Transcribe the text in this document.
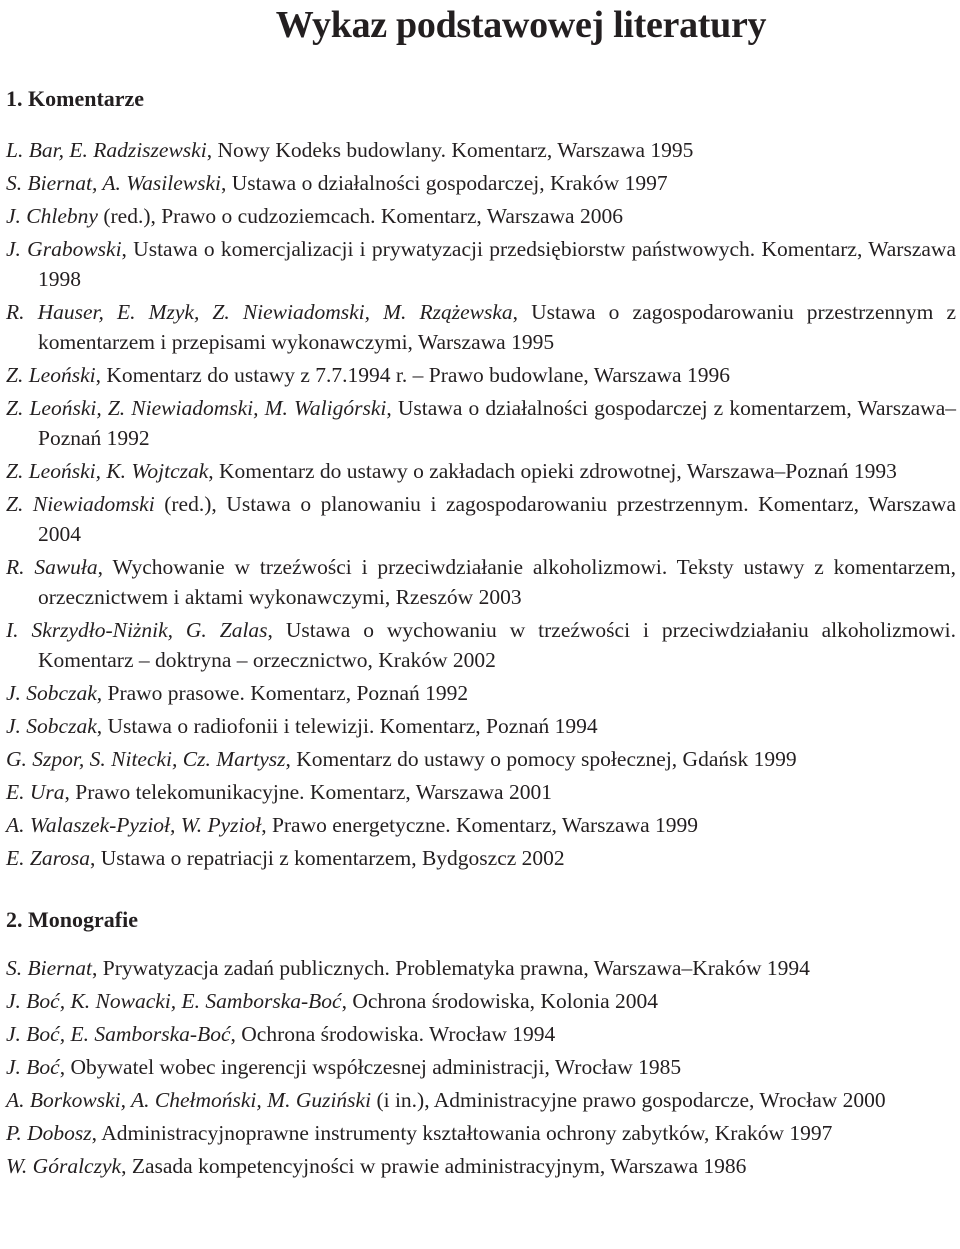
Wykaz podstawowej literatury
1. Komentarze
L. Bar, E. Radziszewski, Nowy Kodeks budowlany. Komentarz, Warszawa 1995
S. Biernat, A. Wasilewski, Ustawa o działalności gospodarczej, Kraków 1997
J. Chlebny (red.), Prawo o cudzoziemcach. Komentarz, Warszawa 2006
J. Grabowski, Ustawa o komercjalizacji i prywatyzacji przedsiębiorstw państwowych. Komentarz, Warszawa 1998
R. Hauser, E. Mzyk, Z. Niewiadomski, M. Rzążewska, Ustawa o zagospodarowaniu przestrzennym z komentarzem i przepisami wykonawczymi, Warszawa 1995
Z. Leoński, Komentarz do ustawy z 7.7.1994 r. – Prawo budowlane, Warszawa 1996
Z. Leoński, Z. Niewiadomski, M. Waligórski, Ustawa o działalności gospodarczej z komentarzem, Warszawa–Poznań 1992
Z. Leoński, K. Wojtczak, Komentarz do ustawy o zakładach opieki zdrowotnej, Warszawa–Poznań 1993
Z. Niewiadomski (red.), Ustawa o planowaniu i zagospodarowaniu przestrzennym. Komentarz, Warszawa 2004
R. Sawuła, Wychowanie w trzeźwości i przeciwdziałanie alkoholizmowi. Teksty ustawy z komentarzem, orzecznictwem i aktami wykonawczymi, Rzeszów 2003
I. Skrzydło-Niżnik, G. Zalas, Ustawa o wychowaniu w trzeźwości i przeciwdziałaniu alkoholizmowi. Komentarz – doktryna – orzecznictwo, Kraków 2002
J. Sobczak, Prawo prasowe. Komentarz, Poznań 1992
J. Sobczak, Ustawa o radiofonii i telewizji. Komentarz, Poznań 1994
G. Szpor, S. Nitecki, Cz. Martysz, Komentarz do ustawy o pomocy społecznej, Gdańsk 1999
E. Ura, Prawo telekomunikacyjne. Komentarz, Warszawa 2001
A. Walaszek-Pyzioł, W. Pyzioł, Prawo energetyczne. Komentarz, Warszawa 1999
E. Zarosa, Ustawa o repatriacji z komentarzem, Bydgoszcz 2002
2. Monografie
S. Biernat, Prywatyzacja zadań publicznych. Problematyka prawna, Warszawa–Kraków 1994
J. Boć, K. Nowacki, E. Samborska-Boć, Ochrona środowiska, Kolonia 2004
J. Boć, E. Samborska-Boć, Ochrona środowiska. Wrocław 1994
J. Boć, Obywatel wobec ingerencji współczesnej administracji, Wrocław 1985
A. Borkowski, A. Chełmoński, M. Guziński (i in.), Administracyjne prawo gospodarcze, Wrocław 2000
P. Dobosz, Administracyjnoprawne instrumenty kształtowania ochrony zabytków, Kraków 1997
W. Góralczyk, Zasada kompetencyjności w prawie administracyjnym, Warszawa 1986
